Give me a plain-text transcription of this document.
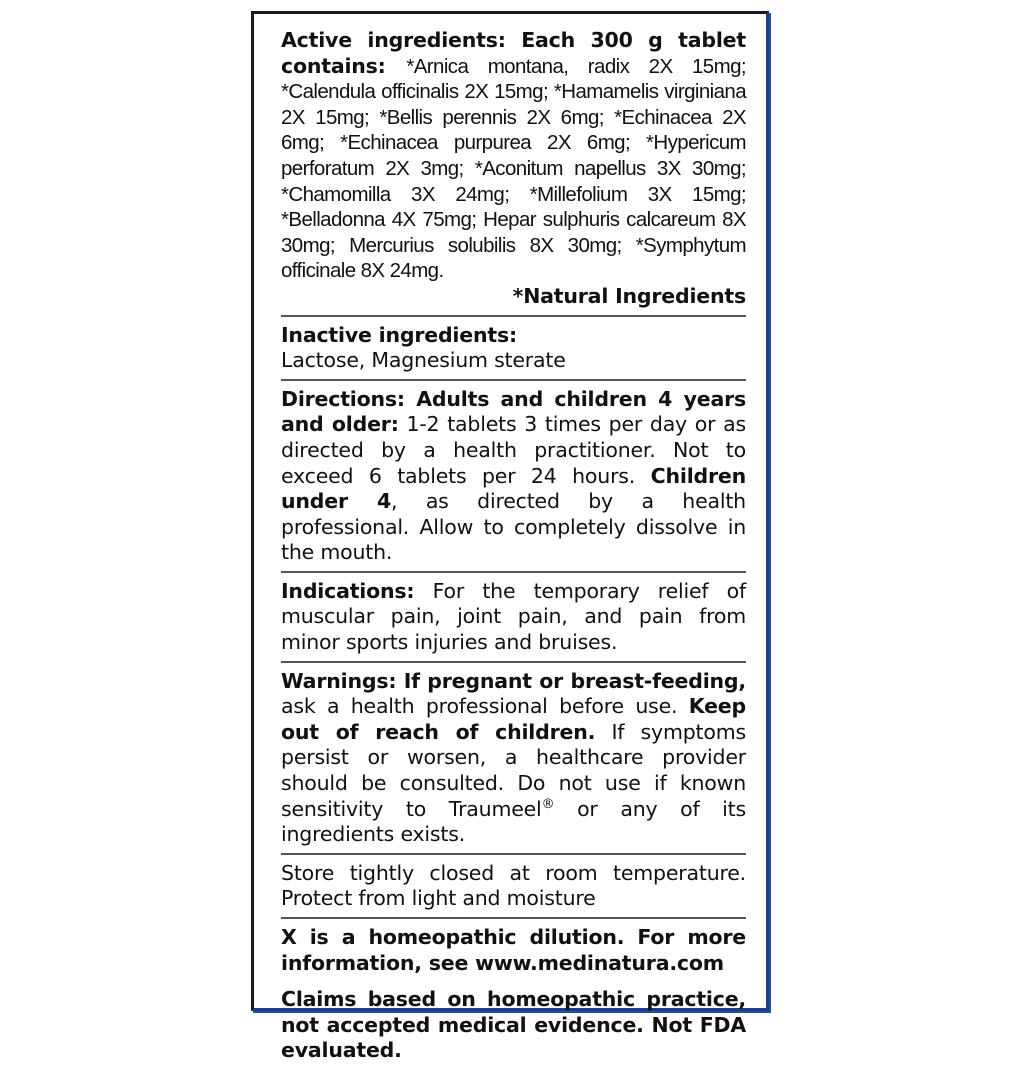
Active ingredients: Each 300 g tablet contains: *Arnica montana, radix 2X 15mg; *Calendula officinalis 2X 15mg; *Hamamelis virginiana 2X 15mg; *Bellis perennis 2X 6mg; *Echinacea 2X 6mg; *Echinacea purpurea 2X 6mg; *Hypericum perforatum 2X 3mg; *Aconitum napellus 3X 30mg; *Chamomilla 3X 24mg; *Millefolium 3X 15mg; *Belladonna 4X 75mg; Hepar sulphuris calcareum 8X 30mg; Mercurius solubilis 8X 30mg; *Symphytum officinale 8X 24mg.
*Natural Ingredients
Inactive ingredients:
Lactose, Magnesium sterate
Directions: Adults and children 4 years and older: 1-2 tablets 3 times per day or as directed by a health practitioner. Not to exceed 6 tablets per 24 hours. Children under 4, as directed by a health professional. Allow to completely dissolve in the mouth.
Indications: For the temporary relief of muscular pain, joint pain, and pain from minor sports injuries and bruises.
Warnings: If pregnant or breast-feeding, ask a health professional before use. Keep out of reach of children. If symptoms persist or worsen, a healthcare provider should be consulted. Do not use if known sensitivity to Traumeel® or any of its ingredients exists.
Store tightly closed at room temperature. Protect from light and moisture
X is a homeopathic dilution. For more information, see www.medinatura.com
Claims based on homeopathic practice, not accepted medical evidence. Not FDA evaluated.
